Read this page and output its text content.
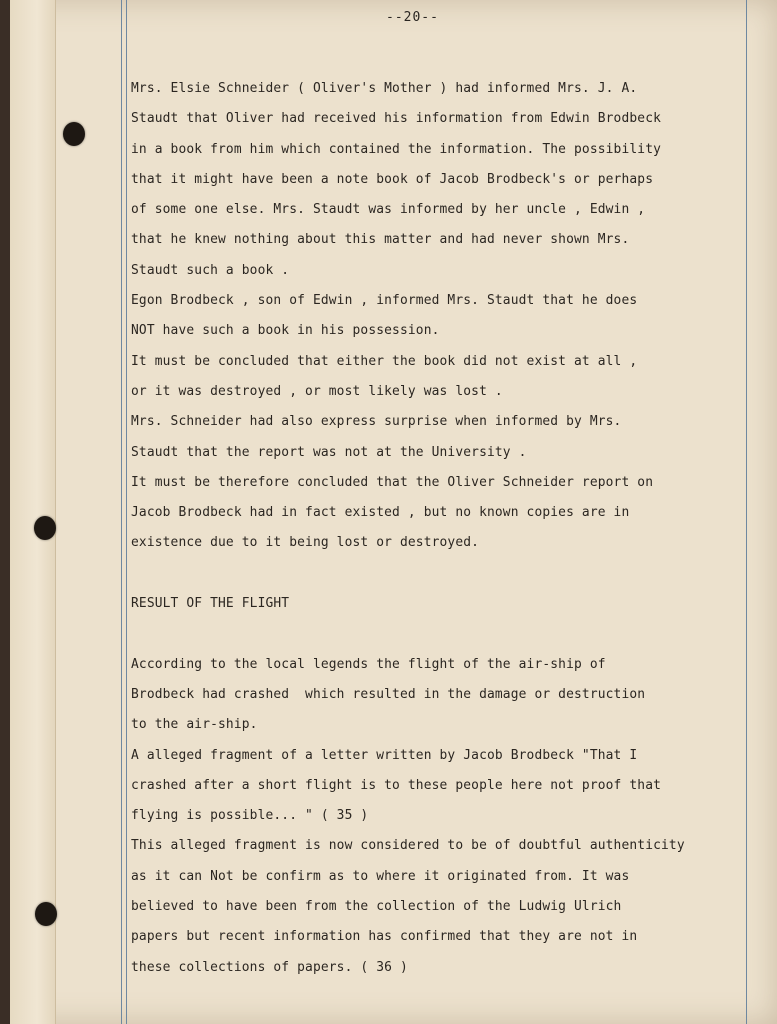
--20--
Mrs. Elsie Schneider ( Oliver's Mother ) had informed Mrs. J. A.
Staudt that Oliver had received his information from Edwin Brodbeck
in a book from him which contained the information. The possibility
that it might have been a note book of Jacob Brodbeck's or perhaps
of some one else. Mrs. Staudt was informed by her uncle , Edwin ,
that he knew nothing about this matter and had never shown Mrs.
Staudt such a book .
Egon Brodbeck , son of Edwin , informed Mrs. Staudt that he does
NOT have such a book in his possession.
It must be concluded that either the book did not exist at all ,
or it was destroyed , or most likely was lost .
Mrs. Schneider had also express surprise when informed by Mrs.
Staudt that the report was not at the University .
It must be therefore concluded that the Oliver Schneider report on
Jacob Brodbeck had in fact existed , but no known copies are in
existence due to it being lost or destroyed.
RESULT OF THE FLIGHT
According to the local legends the flight of the air-ship of
Brodbeck had crashed  which resulted in the damage or destruction
to the air-ship.
A alleged fragment of a letter written by Jacob Brodbeck "That I
crashed after a short flight is to these people here not proof that
flying is possible... " ( 35 )
This alleged fragment is now considered to be of doubtful authenticity
as it can Not be confirm as to where it originated from. It was
believed to have been from the collection of the Ludwig Ulrich
papers but recent information has confirmed that they are not in
these collections of papers. ( 36 )
